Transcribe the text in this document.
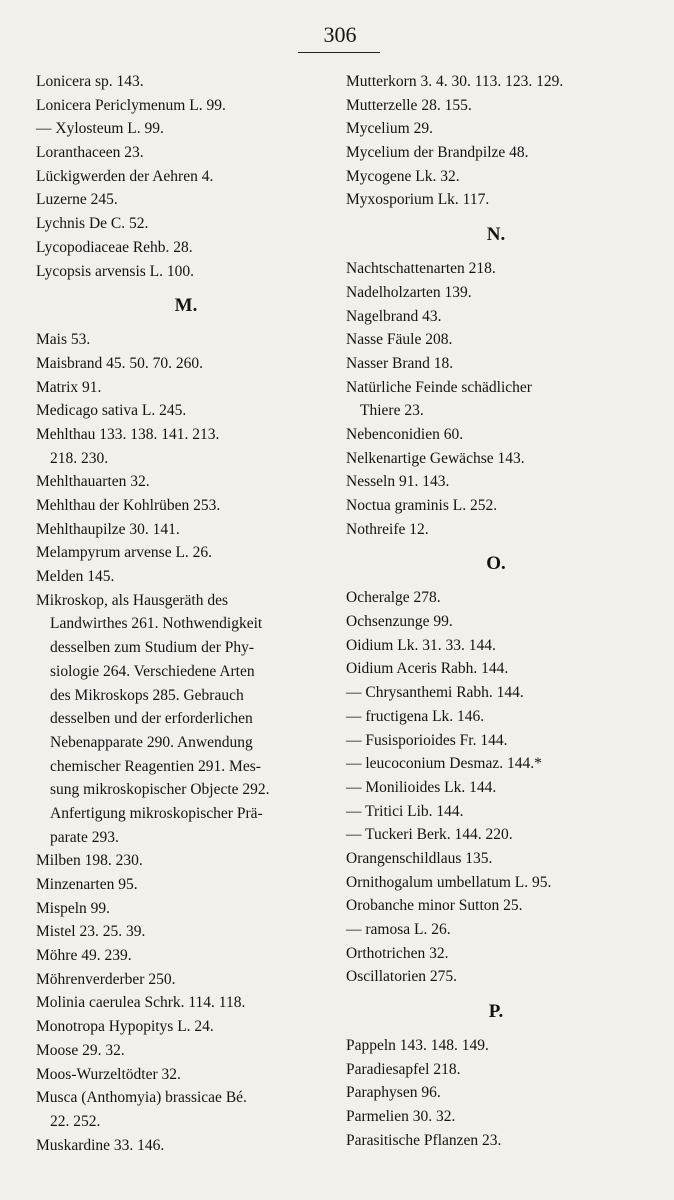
306
Lonicera sp. 143.
Lonicera Periclymenum L. 99.
— Xylosteum L. 99.
Loranthaceen 23.
Lückigwerden der Aehren 4.
Luzerne 245.
Lychnis De C. 52.
Lycopodiaceae Rehb. 28.
Lycopsis arvensis L. 100.
M.
Mais 53.
Maisbrand 45. 50. 70. 260.
Matrix 91.
Medicago sativa L. 245.
Mehlthau 133. 138. 141. 213.
218. 230.
Mehlthauarten 32.
Mehlthau der Kohlrüben 253.
Mehlthaupilze 30. 141.
Melampyrum arvense L. 26.
Melden 145.
Mikroskop, als Hausgeräth des
Landwirthes 261. Nothwendigkeit
desselben zum Studium der Phy-
siologie 264. Verschiedene Arten
des Mikroskops 285. Gebrauch
desselben und der erforderlichen
Nebenapparate 290. Anwendung
chemischer Reagentien 291. Mes-
sung mikroskopischer Objecte 292.
Anfertigung mikroskopischer Prä-
parate 293.
Milben 198. 230.
Minzenarten 95.
Mispeln 99.
Mistel 23. 25. 39.
Möhre 49. 239.
Möhrenverderber 250.
Molinia caerulea Schrk. 114. 118.
Monotropa Hypopitys L. 24.
Moose 29. 32.
Moos-Wurzeltödter 32.
Musca (Anthomyia) brassicae Bé.
22. 252.
Muskardine 33. 146.
Mutterkorn 3. 4. 30. 113. 123. 129.
Mutterzelle 28. 155.
Mycelium 29.
Mycelium der Brandpilze 48.
Mycogene Lk. 32.
Myxosporium Lk. 117.
N.
Nachtschattenarten 218.
Nadelholzarten 139.
Nagelbrand 43.
Nasse Fäule 208.
Nasser Brand 18.
Natürliche Feinde schädlicher
Thiere 23.
Nebenconidien 60.
Nelkenartige Gewächse 143.
Nesseln 91. 143.
Noctua graminis L. 252.
Nothreife 12.
O.
Ocheralge 278.
Ochsenzunge 99.
Oidium Lk. 31. 33. 144.
Oidium Aceris Rabh. 144.
— Chrysanthemi Rabh. 144.
— fructigena Lk. 146.
— Fusisporioides Fr. 144.
— leucoconium Desmaz. 144.*
— Monilioides Lk. 144.
— Tritici Lib. 144.
— Tuckeri Berk. 144. 220.
Orangenschildlaus 135.
Ornithogalum umbellatum L. 95.
Orobanche minor Sutton 25.
— ramosa L. 26.
Orthotrichen 32.
Oscillatorien 275.
P.
Pappeln 143. 148. 149.
Paradiesapfel 218.
Paraphysen 96.
Parmelien 30. 32.
Parasitische Pflanzen 23.
